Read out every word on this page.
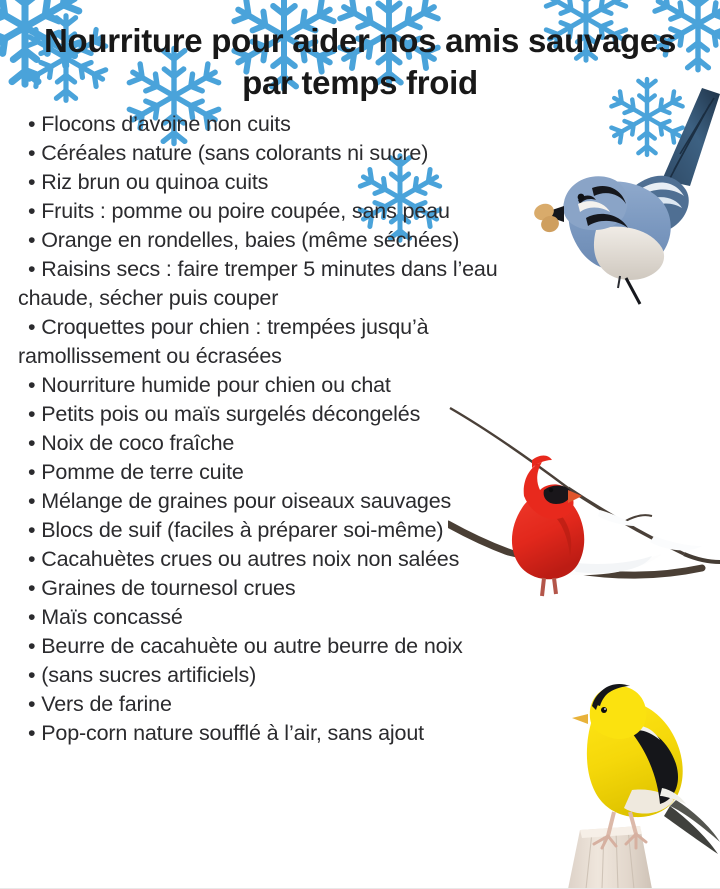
Nourriture pour aider nos amis sauvages par temps froid
• Flocons d’avoine non cuits
• Céréales nature (sans colorants ni sucre)
• Riz brun ou quinoa cuits
• Fruits : pomme ou poire coupée, sans peau
• Orange en rondelles, baies (même séchées)
• Raisins secs : faire tremper 5 minutes dans l’eau chaude, sécher puis couper
• Croquettes pour chien : trempées jusqu’à ramollissement ou écrasées
• Nourriture humide pour chien ou chat
• Petits pois ou maïs surgelés décongelés
• Noix de coco fraîche
• Pomme de terre cuite
• Mélange de graines pour oiseaux sauvages
• Blocs de suif (faciles à préparer soi-même)
• Cacahuètes crues ou autres noix non salées
• Graines de tournesol crues
• Maïs concassé
• Beurre de cacahuète ou autre beurre de noix
• (sans sucres artificiels)
• Vers de farine
• Pop-corn nature soufflé à l’air, sans ajout
